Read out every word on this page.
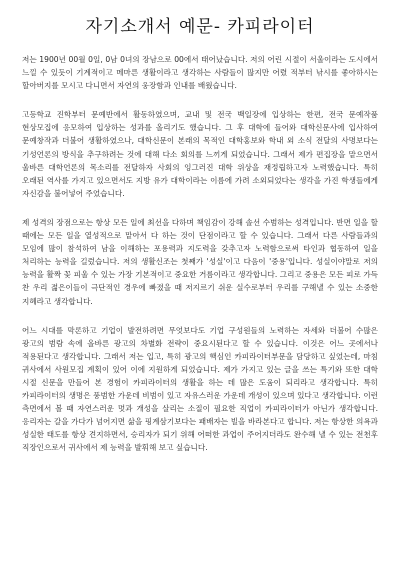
자기소개서 예문- 카피라이터

저는 1900년 00월 0일, 0남 0녀의 장남으로 00에서 태어났습니다. 저의 어린 시절이 서울이라는 도시에서 느낄 수 있듯이 기계적이고 메마른 생활이라고 생각하는 사람들이 많지만 어렸 적부터 낚시를 좋아하시는 할아버지를 모시고 다니면서 자연의 웅장함과 인내를 배웠습니다.

고등학교 진학부터 문예반에서 활동하였으며, 교내 및 전국 백일장에 입상하는 한편, 전국 문예작품 현상모집에 응모하여 입상하는 성과를 올리기도 했습니다. 그 후 대학에 들어와 대학신문사에 입사하여 문예창작과 더불어 생활하였으나, 대학신문이 본래의 목적인 대학홍보와 학내 외 소식 전달의 사명보다는 기성언론의 방식을 추구하려는 것에 대해 다소 회의를 느끼게 되었습니다. 그래서 제가 편집장을 맡으면서 울바른 대학언론의 목소리를 전달하자 사회의 잉그러진 대학 위상을 재정립하고자 노력했습니다. 특히 오래된 역사를 가지고 있으면서도 지방 유가 대학이라는 이름에 가려 소외되었다는 생각을 가진 학생들에게 자신감을 불어넣어 주었습니다.

제 성격의 장점으로는 항상 모든 일에 최선을 다하며 책임감이 강해 솔선 수범하는 성격입니다. 반면 일을 할 때에는 모든 일을 열성적으로 맡아서 다 하는 것이 단점이라고 할 수 있습니다. 그래서 다른 사람들과의 모임에 많이 참석하여 남을 이해하는 포용력과 지도력을 갖추고자 노력함으로써 타인과 협동하여 일을 처리하는 능력을 길렀습니다. 저의 생활신조는 첫째가 '성실'이고 다음이 '중용'입니다. 성실이야말로 저의 능력을 활짝 꽃 피울 수 있는 가장 기본적이고 중요한 거름이라고 생각합니다. 그리고 중용은 모든 피로 가득 찬 우리 젊은이들이 극단적인 경우에 빠졌을 때 저지르기 쉬운 실수로부터 우리를 구해낼 수 있는 소중한 지혜라고 생각합니다.

어느 시대를 막론하고 기업이 발전하려면 무엇보다도 기업 구성원들의 노력하는 자세와 더불어 수많은 광고의 범람 속에 올바른 광고의 차별화 전략이 중요시된다고 할 수 있습니다. 이것은 어느 곳에서나 적용된다고 생각합니다. 그래서 저는 입고, 특히 광고의 핵심인 카피라이터부문을 담당하고 싶었는데, 마침 귀사에서 사원모집 계획이 있어 이에 지원하게 되었습니다. 제가 가지고 있는 글을 쓰는 특기와 또한 대학 시절 신문을 만들어 본 경험이 카피라이터의 생활을 하는 데 많은 도움이 되리라고 생각합니다. 특히 카피라이터의 생명은 풍범한 가운데 비범이 있고 자유스러운 가운데 개성이 있으며 있다고 생각합니다. 이런 측면에서 볼 때 자연스러운 멋과 개성을 살리는 소질이 필요한 직업이 카피라이터가 아닌가 생각합니다. 응리자는 갈을 가다가 넘어지면 삶을 핑계삼기보다는 패배자는 빌을 바라본다고 합니다. 저는 항상한 의욕과 성실한 태도를 항상 견지하면서, 승리자가 되기 위해 어떠한 과업이 주어지더라도 완수해 낼 수 있는 전천후 직장인으로서 귀사에서 제 능력을 발휘해 보고 싶습니다.
